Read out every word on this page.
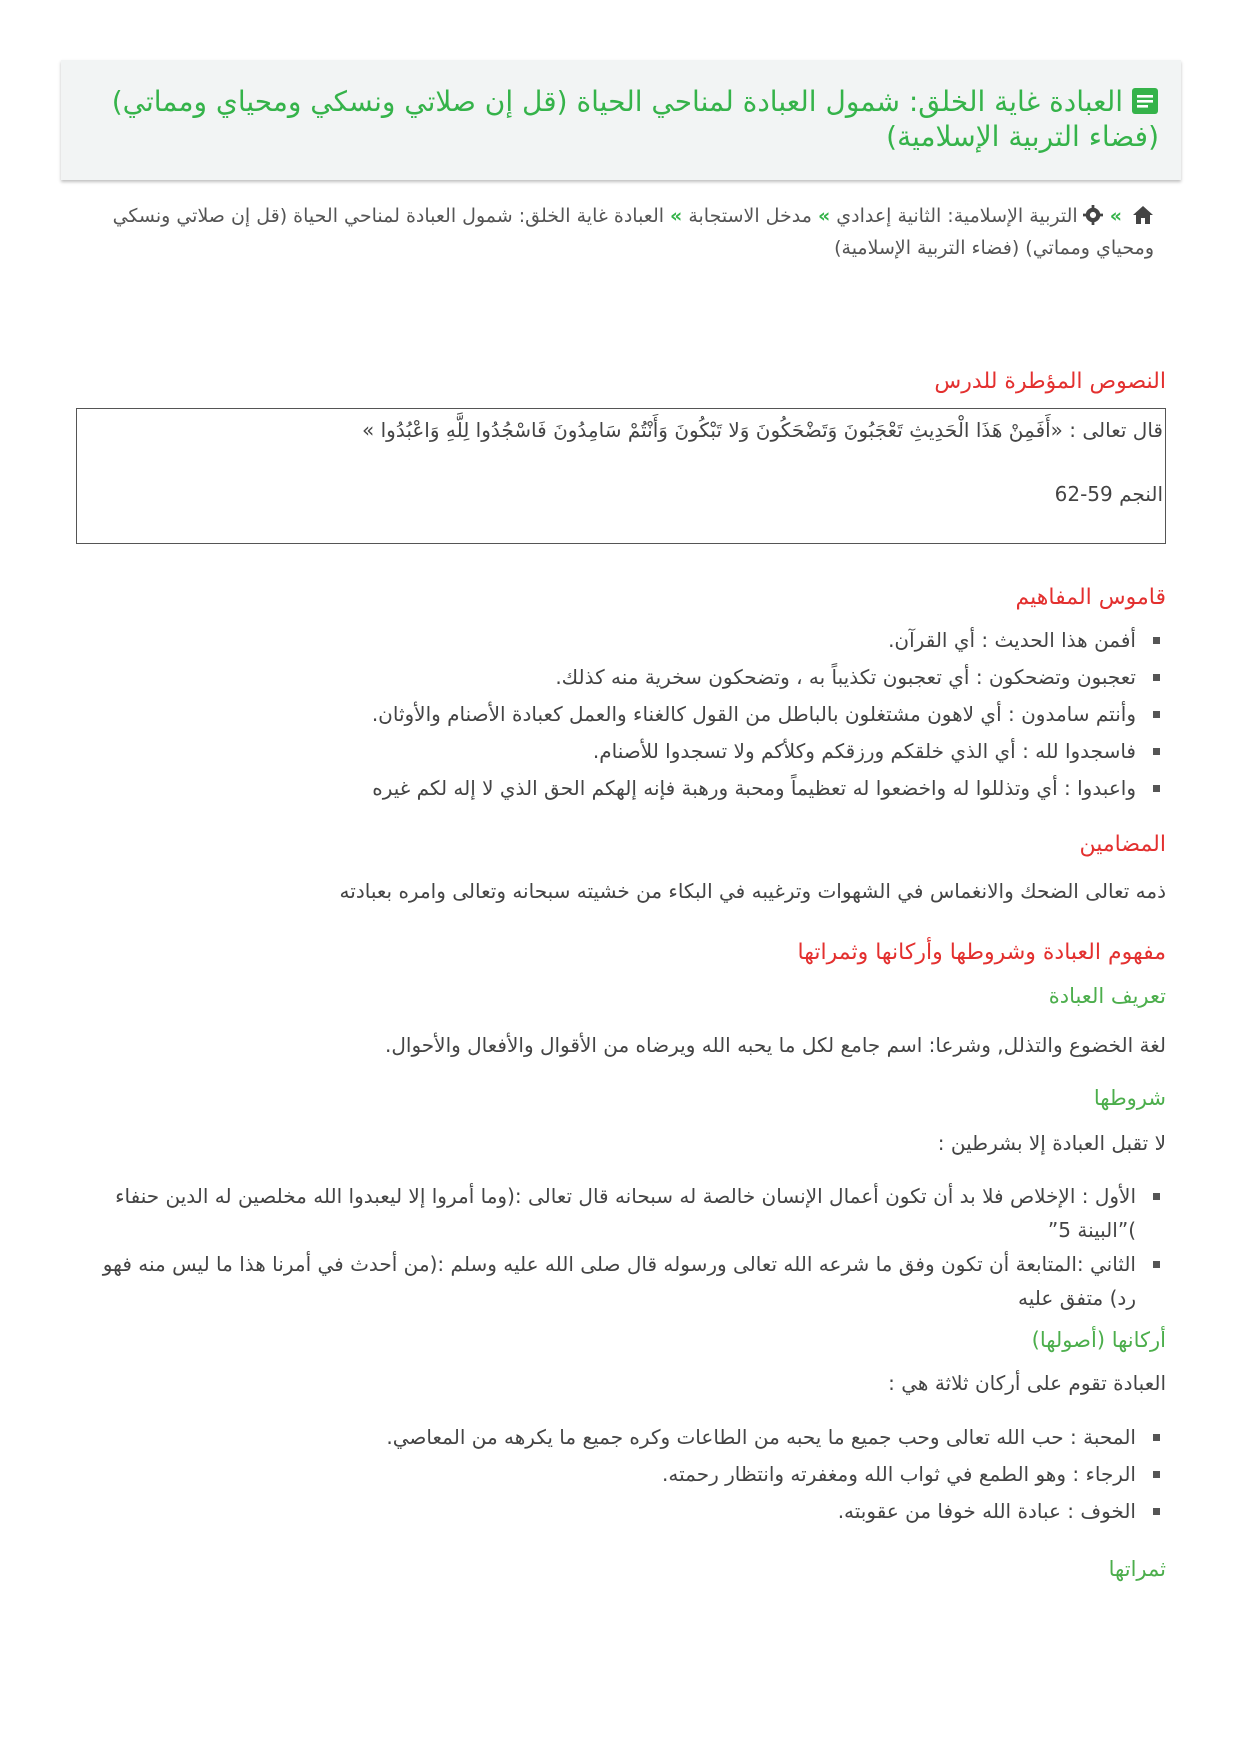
العبادة غاية الخلق: شمول العبادة لمناحي الحياة (قل إن صلاتي ونسكي ومحياي ومماتي) (فضاء التربية الإسلامية)
»التربية الإسلامية: الثانية إعدادي»مدخل الاستجابة»العبادة غاية الخلق: شمول العبادة لمناحي الحياة (قل إن صلاتي ونسكي ومحياي ومماتي) (فضاء التربية الإسلامية)
النصوص المؤطرة للدرس

قال تعالى : «أَفَمِنْ هَذَا الْحَدِيثِ تَعْجَبُونَ وَتَضْحَكُونَ وَلا تَبْكُونَ وَأَنْتُمْ سَامِدُونَ فَاسْجُدُوا لِلَّهِ وَاعْبُدُوا »

النجم 59-62

قاموس المفاهيم
أفمن هذا الحديث : أي القرآن.
تعجبون وتضحكون : أي تعجبون تكذيباً به ، وتضحكون سخرية منه كذلك.
وأنتم سامدون : أي لاهون مشتغلون بالباطل من القول كالغناء والعمل كعبادة الأصنام والأوثان.
فاسجدوا لله : أي الذي خلقكم ورزقكم وكلأكم ولا تسجدوا للأصنام.
واعبدوا : أي وتذللوا له واخضعوا له تعظيماً ومحبة ورهبة فإنه إلهكم الحق الذي لا إله لكم غيره
المضامين

ذمه تعالى الضحك والانغماس في الشهوات وترغيبه في البكاء من خشيته سبحانه وتعالى وامره بعبادته

مفهوم العبادة وشروطها وأركانها وثمراتها
تعريف العبادة

لغة الخضوع والتذلل, وشرعا: اسم جامع لكل ما يحبه الله ويرضاه من الأقوال والأفعال والأحوال.

شروطها

لا تقبل العبادة إلا بشرطين :

الأول : الإخلاص فلا بد أن تكون أعمال الإنسان خالصة له سبحانه قال تعالى :(وما أمروا إلا ليعبدوا الله مخلصين له الدين حنفاء )”البينة 5”
الثاني :المتابعة أن تكون وفق ما شرعه الله تعالى ورسوله قال صلى الله عليه وسلم :(من أحدث في أمرنا هذا ما ليس منه فهو رد) متفق عليه
أركانها (أصولها)

العبادة تقوم على أركان ثلاثة هي :

المحبة : حب الله تعالى وحب جميع ما يحبه من الطاعات وكره جميع ما يكرهه من المعاصي.
الرجاء : وهو الطمع في ثواب الله ومغفرته وانتظار رحمته.
الخوف : عبادة الله خوفا من عقوبته.
ثمراتها
